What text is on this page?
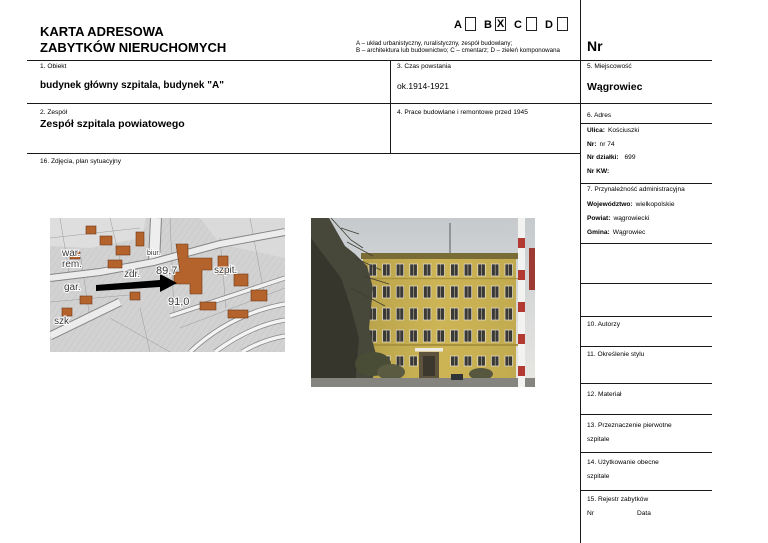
KARTA ADRESOWA
ZABYTKÓW NIERUCHOMYCH
A B X C D
A – układ urbanistyczny, ruralistyczny, zespół budowlany;
B – architektura lub budownictwo; C – cmentarz; D – zieleń komponowana Nr
1. Obiekt
budynek główny szpitala, budynek "A"
3. Czas powstania
ok.1914-1921
2. Zespół
Zespół szpitala powiatowego
4. Prace budowlane i remontowe przed 1945
16. Zdjęcia, plan sytuacyjny
5. Miejscowość
Wągrowiec
6. Adres
Ulica: Kościuszki
Nr: nr 74
Nr działki: 699
Nr KW:
7. Przynależność administracyjna
Województwo: wielkopolskie
Powiat: wągrowiecki
Gmina: Wągrowiec
10. Autorzy
11. Określenie stylu
12. Materiał
13. Przeznaczenie pierwotne
szpitale
14. Użytkowanie obecne
szpitale
15. Rejestr zabytków
Nr	Data
war.
rem.
biur.
zdr. 89,7	szpit.
gar.
91,0
szk
